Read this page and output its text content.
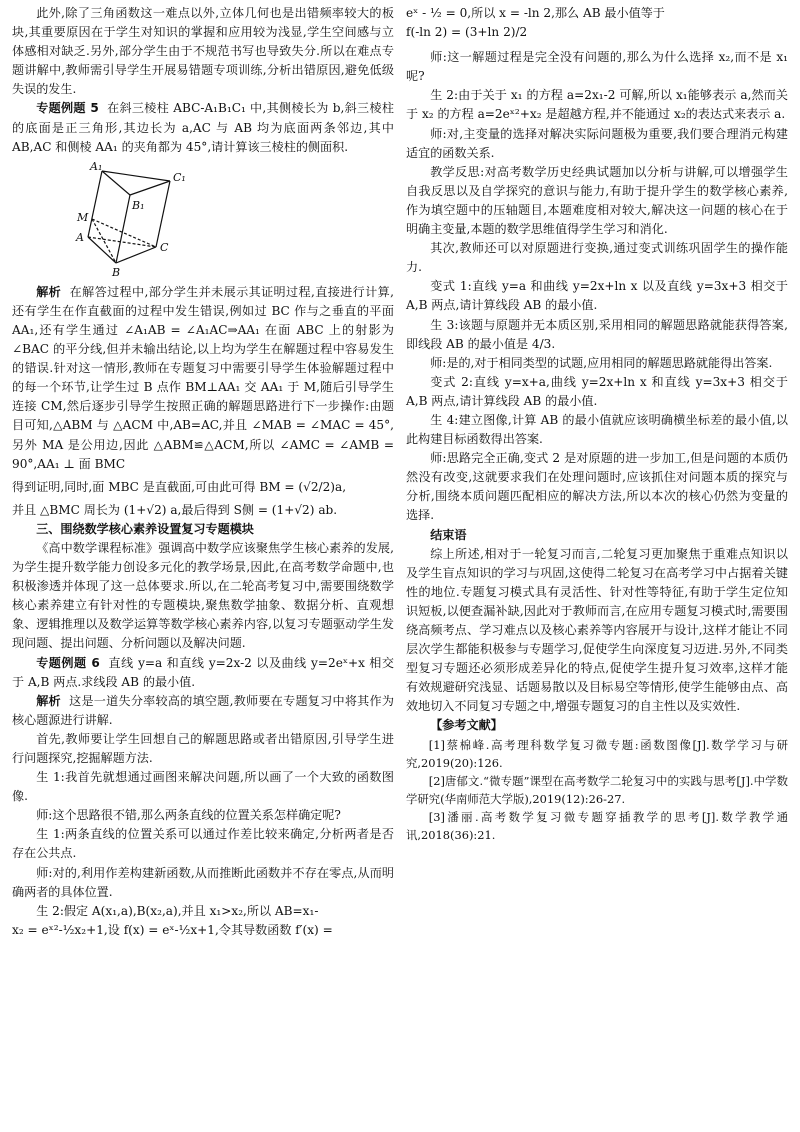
此外,除了三角函数这一难点以外,立体几何也是出错频率较大的板块,其重要原因在于学生对知识的掌握和应用较为浅显,学生空间感与立体感相对缺乏.另外,部分学生由于不规范书写也导致失分.所以在难点专题讲解中,教师需引导学生开展易错题专项训练,分析出错原因,避免低级失误的发生.

专题例题 5 在斜三棱柱 ABC-A₁B₁C₁ 中,其侧棱长为 b,斜三棱柱的底面是正三角形,其边长为 a,AC 与 AB 均为底面两条邻边,其中 AB,AC 和侧棱 AA₁ 的夹角都为 45°,请计算该三棱柱的侧面积.

A₁
C₁
B₁
M
A
C
B

解析 在解答过程中,部分学生并未展示其证明过程,直接进行计算,还有学生在作直截面的过程中发生错误,例如过 BC 作与之垂直的平面 AA₁,还有学生通过 ∠A₁AB = ∠A₁AC⇒AA₁ 在面 ABC 上的射影为 ∠BAC 的平分线,但并未输出结论,以上均为学生在解题过程中容易发生的错误.针对这一情形,教师在专题复习中需要引导学生体验解题过程中的每一个环节,让学生过 B 点作 BM⊥AA₁ 交 AA₁ 于 M,随后引导学生连接 CM,然后逐步引导学生按照正确的解题思路进行下一步操作:由题目可知,△ABM 与 △ACM 中,AB=AC,并且 ∠MAB = ∠MAC = 45°,另外 MA 是公用边,因此 △ABM≌△ACM,所以 ∠AMC = ∠AMB = 90°,AA₁ ⊥ 面 BMC

得到证明,同时,面 MBC 是直截面,可由此可得 BM = (√2/2)a,

并且 △BMC 周长为 (1+√2) a,最后得到 S侧 = (1+√2) ab.

三、围绕数学核心素养设置复习专题模块

《高中数学课程标准》强调高中数学应该聚焦学生核心素养的发展,为学生提升数学能力创设多元化的教学场景,因此,在高考数学命题中,也积极渗透并体现了这一总体要求.所以,在二轮高考复习中,需要围绕数学核心素养建立有针对性的专题模块,聚焦数学抽象、数据分析、直观想象、逻辑推理以及数学运算等数学核心素养内容,以复习专题驱动学生发现问题、提出问题、分析问题以及解决问题.

专题例题 6 直线 y=a 和直线 y=2x-2 以及曲线 y=2eˣ+x 相交于 A,B 两点.求线段 AB 的最小值.

解析 这是一道失分率较高的填空题,教师要在专题复习中将其作为核心题源进行讲解.

首先,教师要让学生回想自己的解题思路或者出错原因,引导学生进行问题探究,挖掘解题方法.

生 1:我首先就想通过画图来解决问题,所以画了一个大致的函数图像.

师:这个思路很不错,那么两条直线的位置关系怎样确定呢?

生 1:两条直线的位置关系可以通过作差比较来确定,分析两者是否存在公共点.

师:对的,利用作差构建新函数,从而推断此函数并不存在零点,从而明确两者的具体位置.

生 2:假定 A(x₁,a),B(x₂,a),并且 x₁>x₂,所以 AB=x₁-

x₂ = eˣ²-½x₂+1,设 f(x) = eˣ-½x+1,令其导数函数 f′(x) =

eˣ - ½ = 0,所以 x = -ln 2,那么 AB 最小值等于

f(-ln 2) = (3+ln 2)/2

师:这一解题过程是完全没有问题的,那么为什么选择 x₂,而不是 x₁呢?

生 2:由于关于 x₁ 的方程 a=2x₁-2 可解,所以 x₁能够表示 a,然而关于 x₂ 的方程 a=2eˣ²+x₂ 是超越方程,并不能通过 x₂的表达式来表示 a.

师:对,主变量的选择对解决实际问题极为重要,我们要合理消元构建适宜的函数关系.

教学反思:对高考数学历史经典试题加以分析与讲解,可以增强学生自我反思以及自学探究的意识与能力,有助于提升学生的数学核心素养,作为填空题中的压轴题目,本题难度相对较大,解决这一问题的核心在于明确主变量,本题的数学思维值得学生学习和消化.

其次,教师还可以对原题进行变换,通过变式训练巩固学生的操作能力.

变式 1:直线 y=a 和曲线 y=2x+ln x 以及直线 y=3x+3 相交于 A,B 两点,请计算线段 AB 的最小值.

生 3:该题与原题并无本质区别,采用相同的解题思路就能获得答案,即线段 AB 的最小值是 4/3.

师:是的,对于相同类型的试题,应用相同的解题思路就能得出答案.

变式 2:直线 y=x+a,曲线 y=2x+ln x 和直线 y=3x+3 相交于 A,B 两点,请计算线段 AB 的最小值.

生 4:建立图像,计算 AB 的最小值就应该明确横坐标差的最小值,以此构建目标函数得出答案.

师:思路完全正确,变式 2 是对原题的进一步加工,但是问题的本质仍然没有改变,这就要求我们在处理问题时,应该抓住对问题本质的探究与分析,围绕本质问题匹配相应的解决方法,所以本次的核心仍然为变量的选择.

结束语

综上所述,相对于一轮复习而言,二轮复习更加聚焦于重难点知识以及学生盲点知识的学习与巩固,这使得二轮复习在高考学习中占据着关键性的地位.专题复习模式具有灵活性、针对性等特征,有助于学生定位知识短板,以便查漏补缺,因此对于教师而言,在应用专题复习模式时,需要围绕高频考点、学习难点以及核心素养等内容展开与设计,这样才能让不同层次学生都能积极参与专题学习,促使学生向深度复习迈进.另外,不同类型复习专题还必须形成差异化的特点,促使学生提升复习效率,这样才能有效规避研究浅显、话题易散以及目标易空等情形,使学生能够由点、高效地切入不同复习专题之中,增强专题复习的自主性以及实效性.

【参考文献】

[1]蔡棉峰.高考理科数学复习微专题:函数图像[J].数学学习与研究,2019(20):126.

[2]唐郁文.“微专题”课型在高考数学二轮复习中的实践与思考[J].中学数学研究(华南师范大学版),2019(12):26-27.

[3]潘丽.高考数学复习微专题穿插教学的思考[J].数学教学通讯,2018(36):21.
